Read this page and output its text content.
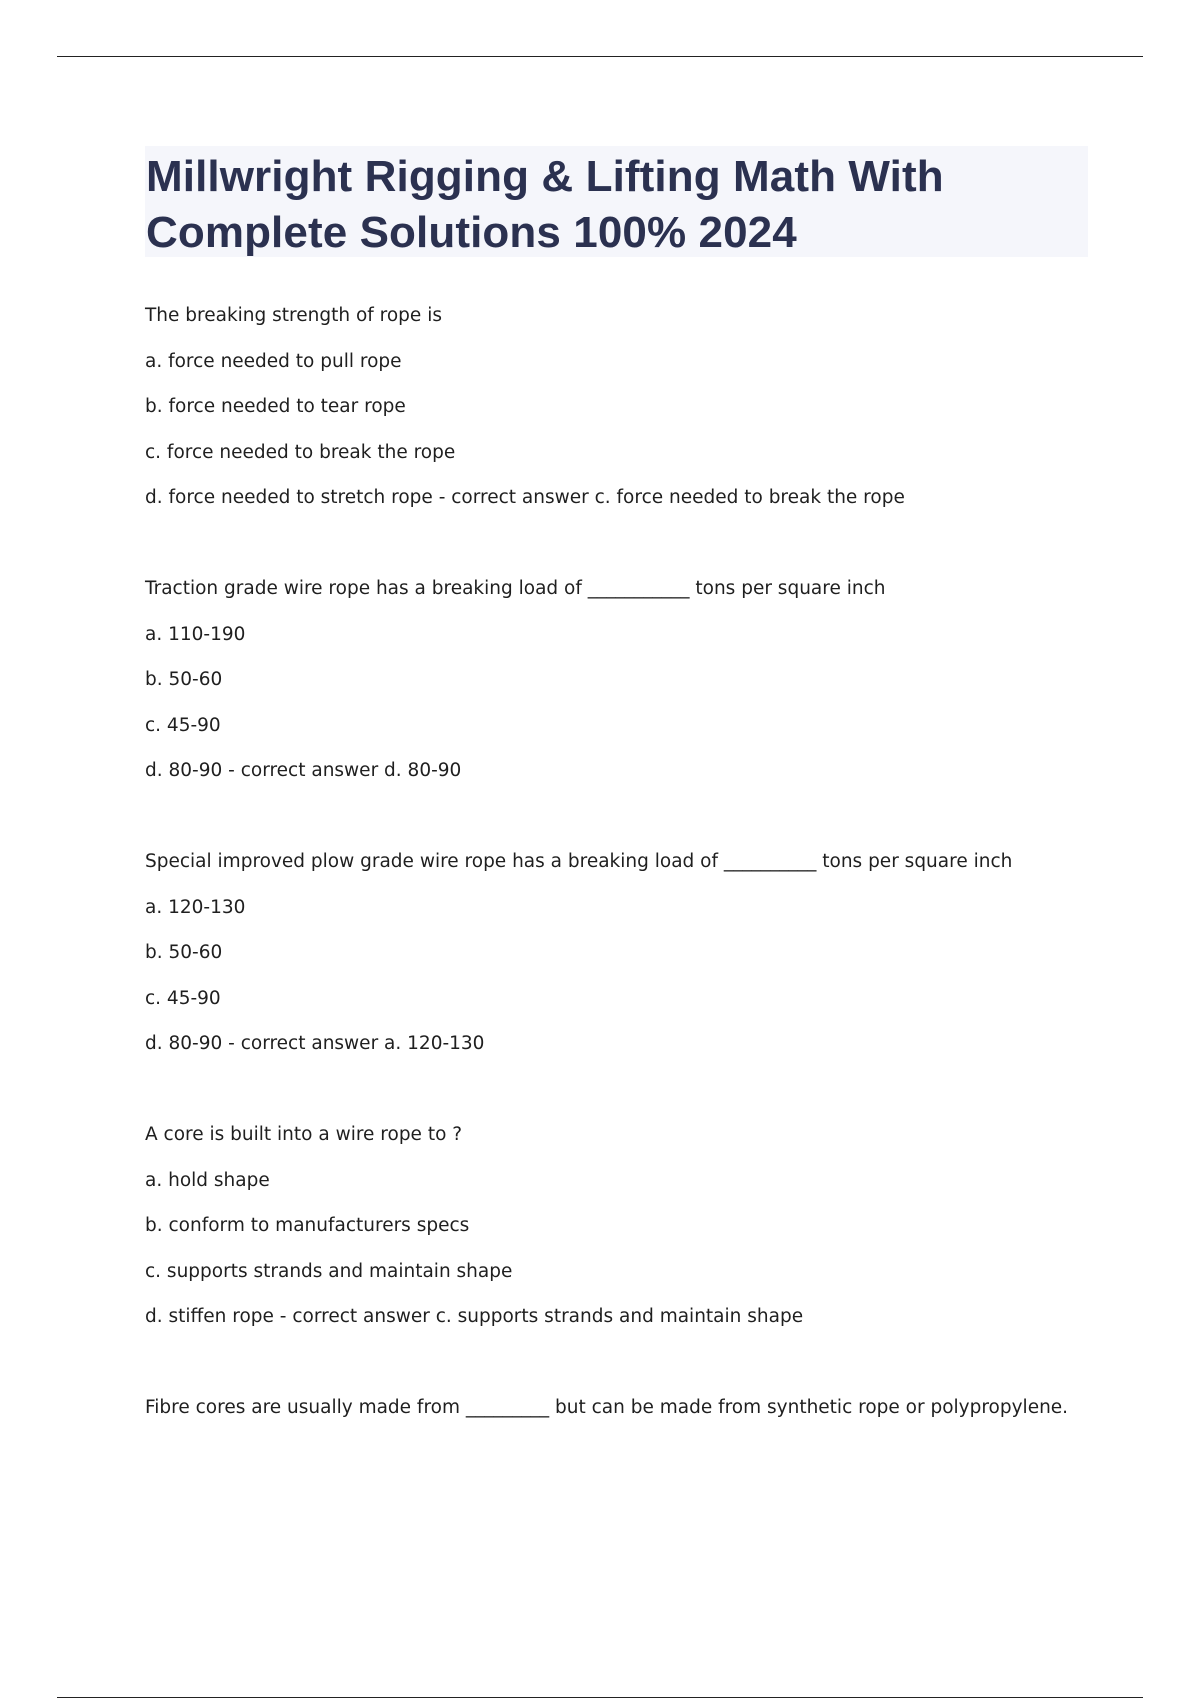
Millwright Rigging & Lifting Math With Complete Solutions 100% 2024

The breaking strength of rope is

a. force needed to pull rope

b. force needed to tear rope

c. force needed to break the rope

d. force needed to stretch rope - correct answer c. force needed to break the rope

Traction grade wire rope has a breaking load of ___________ tons per square inch

a. 110-190

b. 50-60

c. 45-90

d. 80-90 - correct answer d. 80-90

Special improved plow grade wire rope has a breaking load of __________ tons per square inch

a. 120-130

b. 50-60

c. 45-90

d. 80-90 - correct answer a. 120-130

A core is built into a wire rope to ?

a. hold shape

b. conform to manufacturers specs

c. supports strands and maintain shape

d. stiffen rope - correct answer c. supports strands and maintain shape

Fibre cores are usually made from _________ but can be made from synthetic rope or polypropylene.
